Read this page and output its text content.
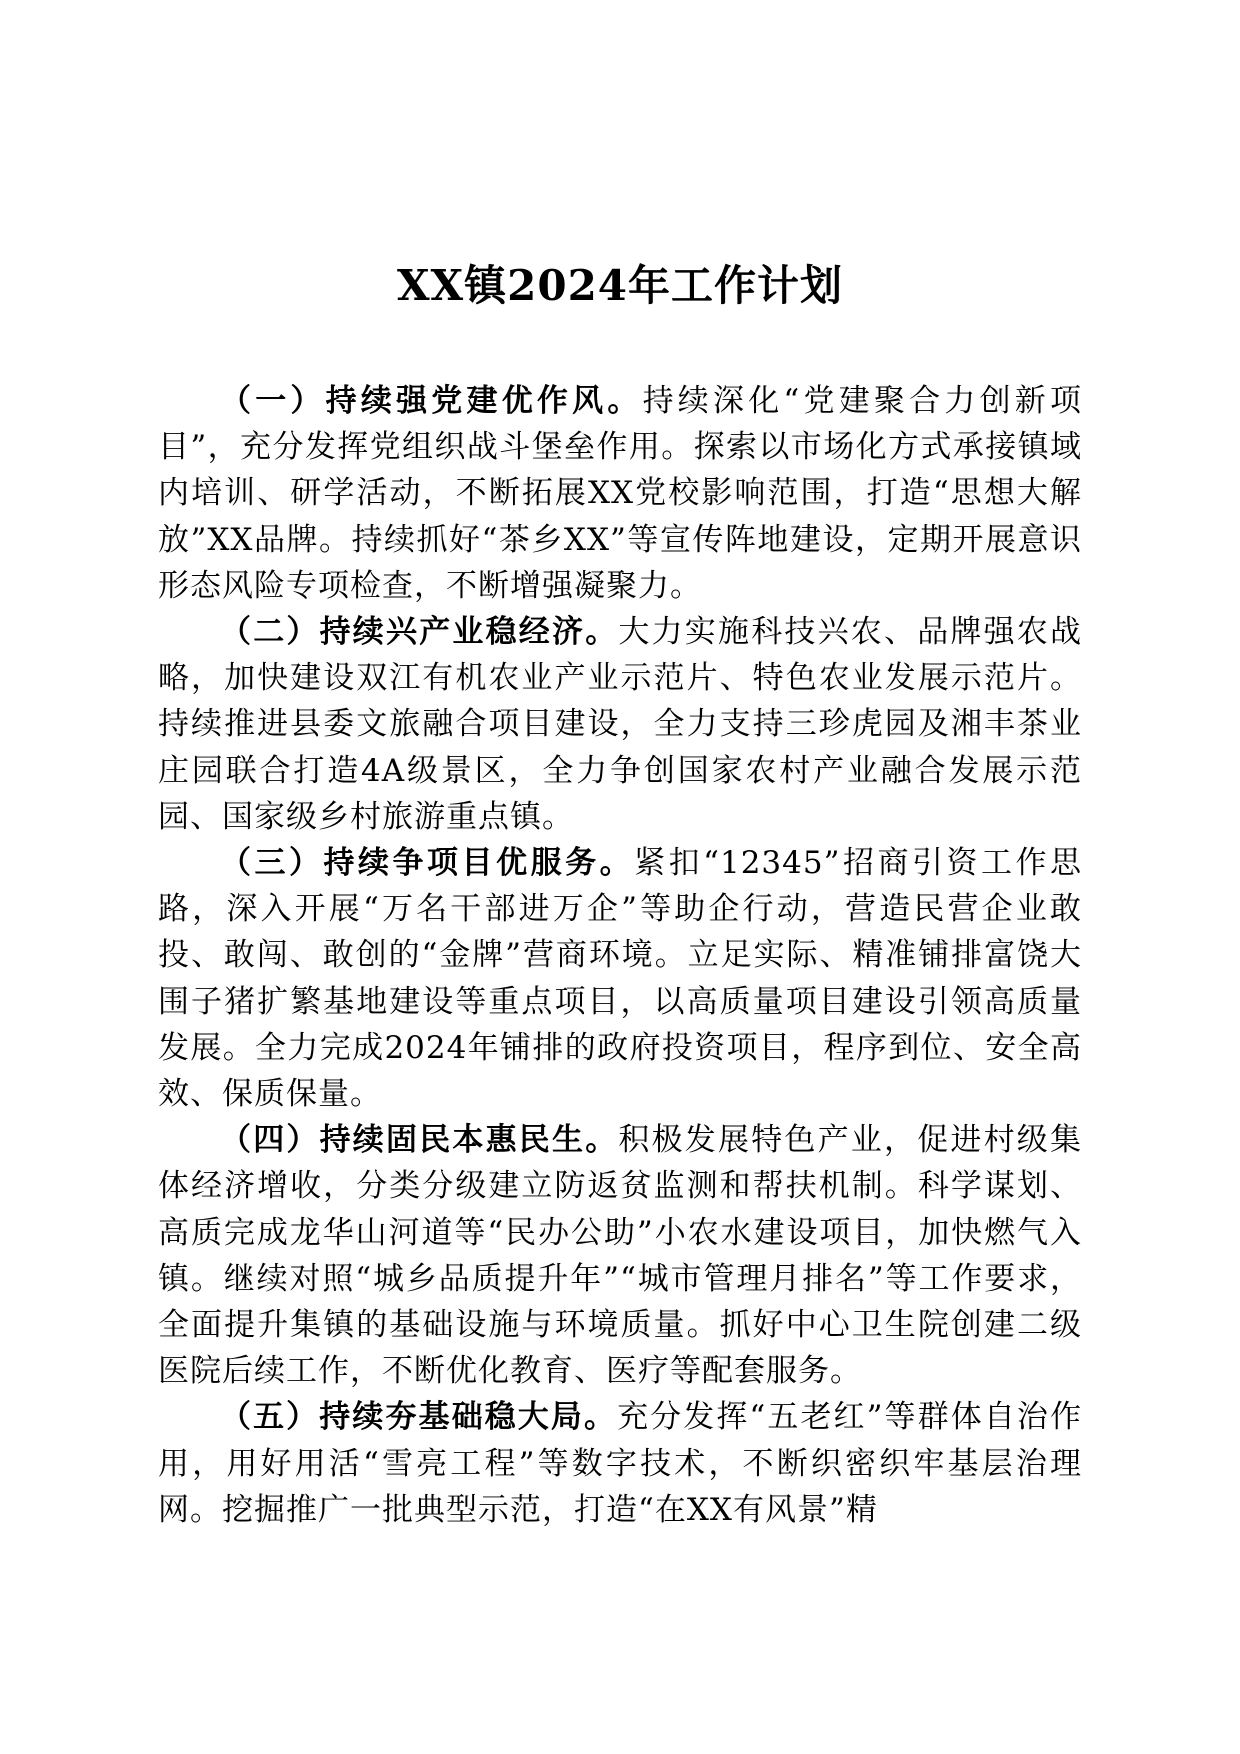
XX镇2024年工作计划

（一）持续强党建优作风。持续深化“党建聚合力创新项目”，充分发挥党组织战斗堡垒作用。探索以市场化方式承接镇域内培训、研学活动，不断拓展XX党校影响范围，打造“思想大解放”XX品牌。持续抓好“茶乡XX”等宣传阵地建设，定期开展意识形态风险专项检查，不断增强凝聚力。

（二）持续兴产业稳经济。大力实施科技兴农、品牌强农战略，加快建设双江有机农业产业示范片、特色农业发展示范片。持续推进县委文旅融合项目建设，全力支持三珍虎园及湘丰茶业庄园联合打造4A级景区，全力争创国家农村产业融合发展示范园、国家级乡村旅游重点镇。

（三）持续争项目优服务。紧扣“12345”招商引资工作思路，深入开展“万名干部进万企”等助企行动，营造民营企业敢投、敢闯、敢创的“金牌”营商环境。立足实际、精准铺排富饶大围子猪扩繁基地建设等重点项目，以高质量项目建设引领高质量发展。全力完成2024年铺排的政府投资项目，程序到位、安全高效、保质保量。

（四）持续固民本惠民生。积极发展特色产业，促进村级集体经济增收，分类分级建立防返贫监测和帮扶机制。科学谋划、高质完成龙华山河道等“民办公助”小农水建设项目，加快燃气入镇。继续对照“城乡品质提升年”“城市管理月排名”等工作要求，全面提升集镇的基础设施与环境质量。抓好中心卫生院创建二级医院后续工作，不断优化教育、医疗等配套服务。

（五）持续夯基础稳大局。充分发挥“五老红”等群体自治作用，用好用活“雪亮工程”等数字技术，不断织密织牢基层治理网。挖掘推广一批典型示范，打造“在XX有风景”精
